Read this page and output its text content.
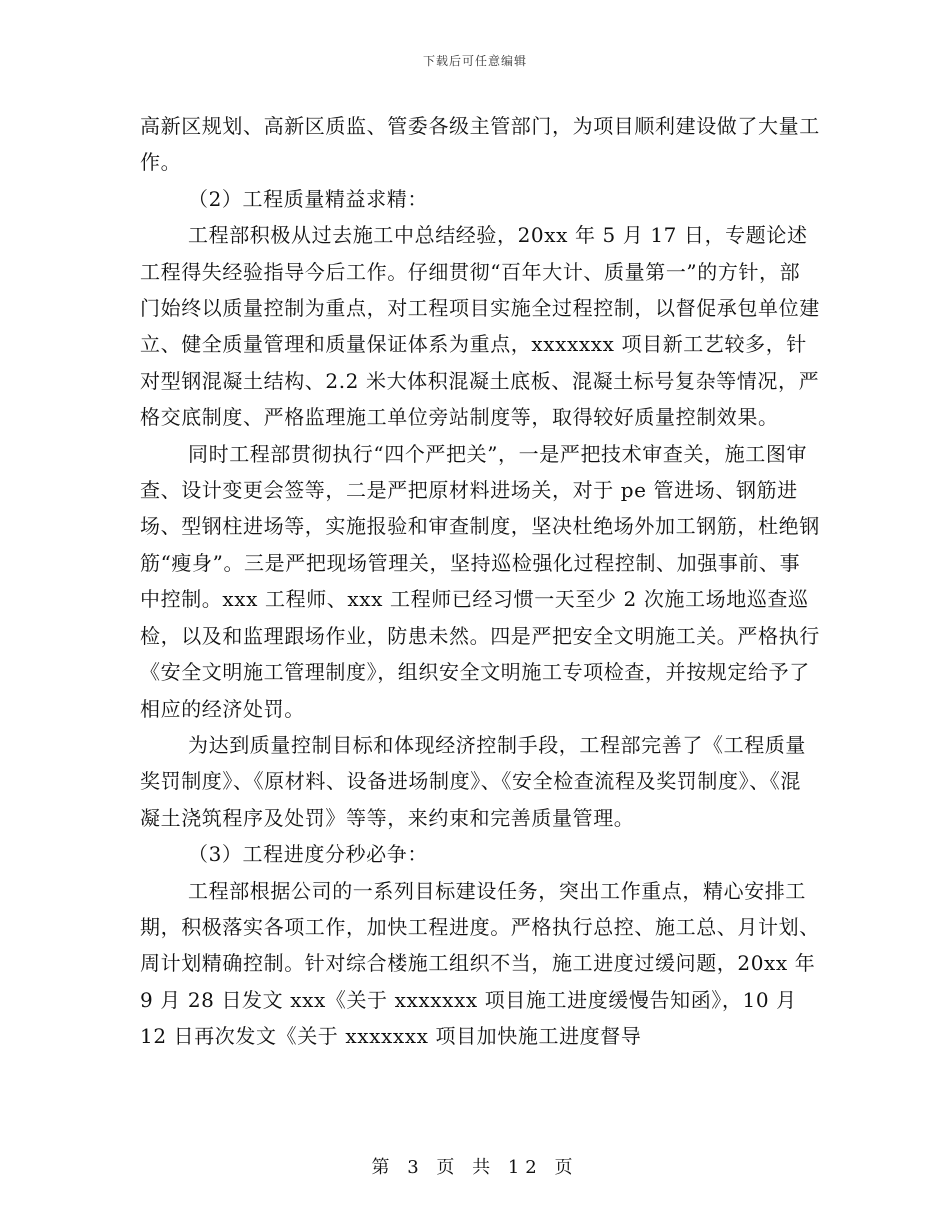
下载后可任意编辑

高新区规划、高新区质监、管委各级主管部门，为项目顺利建设做了大量工作。

（2）工程质量精益求精：

工程部积极从过去施工中总结经验，20xx 年 5 月 17 日，专题论述工程得失经验指导今后工作。仔细贯彻“百年大计、质量第一”的方针，部门始终以质量控制为重点，对工程项目实施全过程控制，以督促承包单位建立、健全质量管理和质量保证体系为重点，xxxxxxx 项目新工艺较多，针对型钢混凝土结构、2.2 米大体积混凝土底板、混凝土标号复杂等情况，严格交底制度、严格监理施工单位旁站制度等，取得较好质量控制效果。

同时工程部贯彻执行“四个严把关”，一是严把技术审查关，施工图审查、设计变更会签等，二是严把原材料进场关，对于 pe 管进场、钢筋进场、型钢柱进场等，实施报验和审查制度，坚决杜绝场外加工钢筋，杜绝钢筋“瘦身”。三是严把现场管理关，坚持巡检强化过程控制、加强事前、事中控制。xxx 工程师、xxx 工程师已经习惯一天至少 2 次施工场地巡查巡检，以及和监理跟场作业，防患未然。四是严把安全文明施工关。严格执行《安全文明施工管理制度》，组织安全文明施工专项检查，并按规定给予了相应的经济处罚。

为达到质量控制目标和体现经济控制手段，工程部完善了《工程质量奖罚制度》、《原材料、设备进场制度》、《安全检查流程及奖罚制度》、《混凝土浇筑程序及处罚》等等，来约束和完善质量管理。

（3）工程进度分秒必争：

工程部根据公司的一系列目标建设任务，突出工作重点，精心安排工期，积极落实各项工作，加快工程进度。严格执行总控、施工总、月计划、周计划精确控制。针对综合楼施工组织不当，施工进度过缓问题，20xx 年 9 月 28 日发文 xxx《关于 xxxxxxx 项目施工进度缓慢告知函》，10 月 12 日再次发文《关于 xxxxxxx 项目加快施工进度督导

第 3 页 共 12 页
